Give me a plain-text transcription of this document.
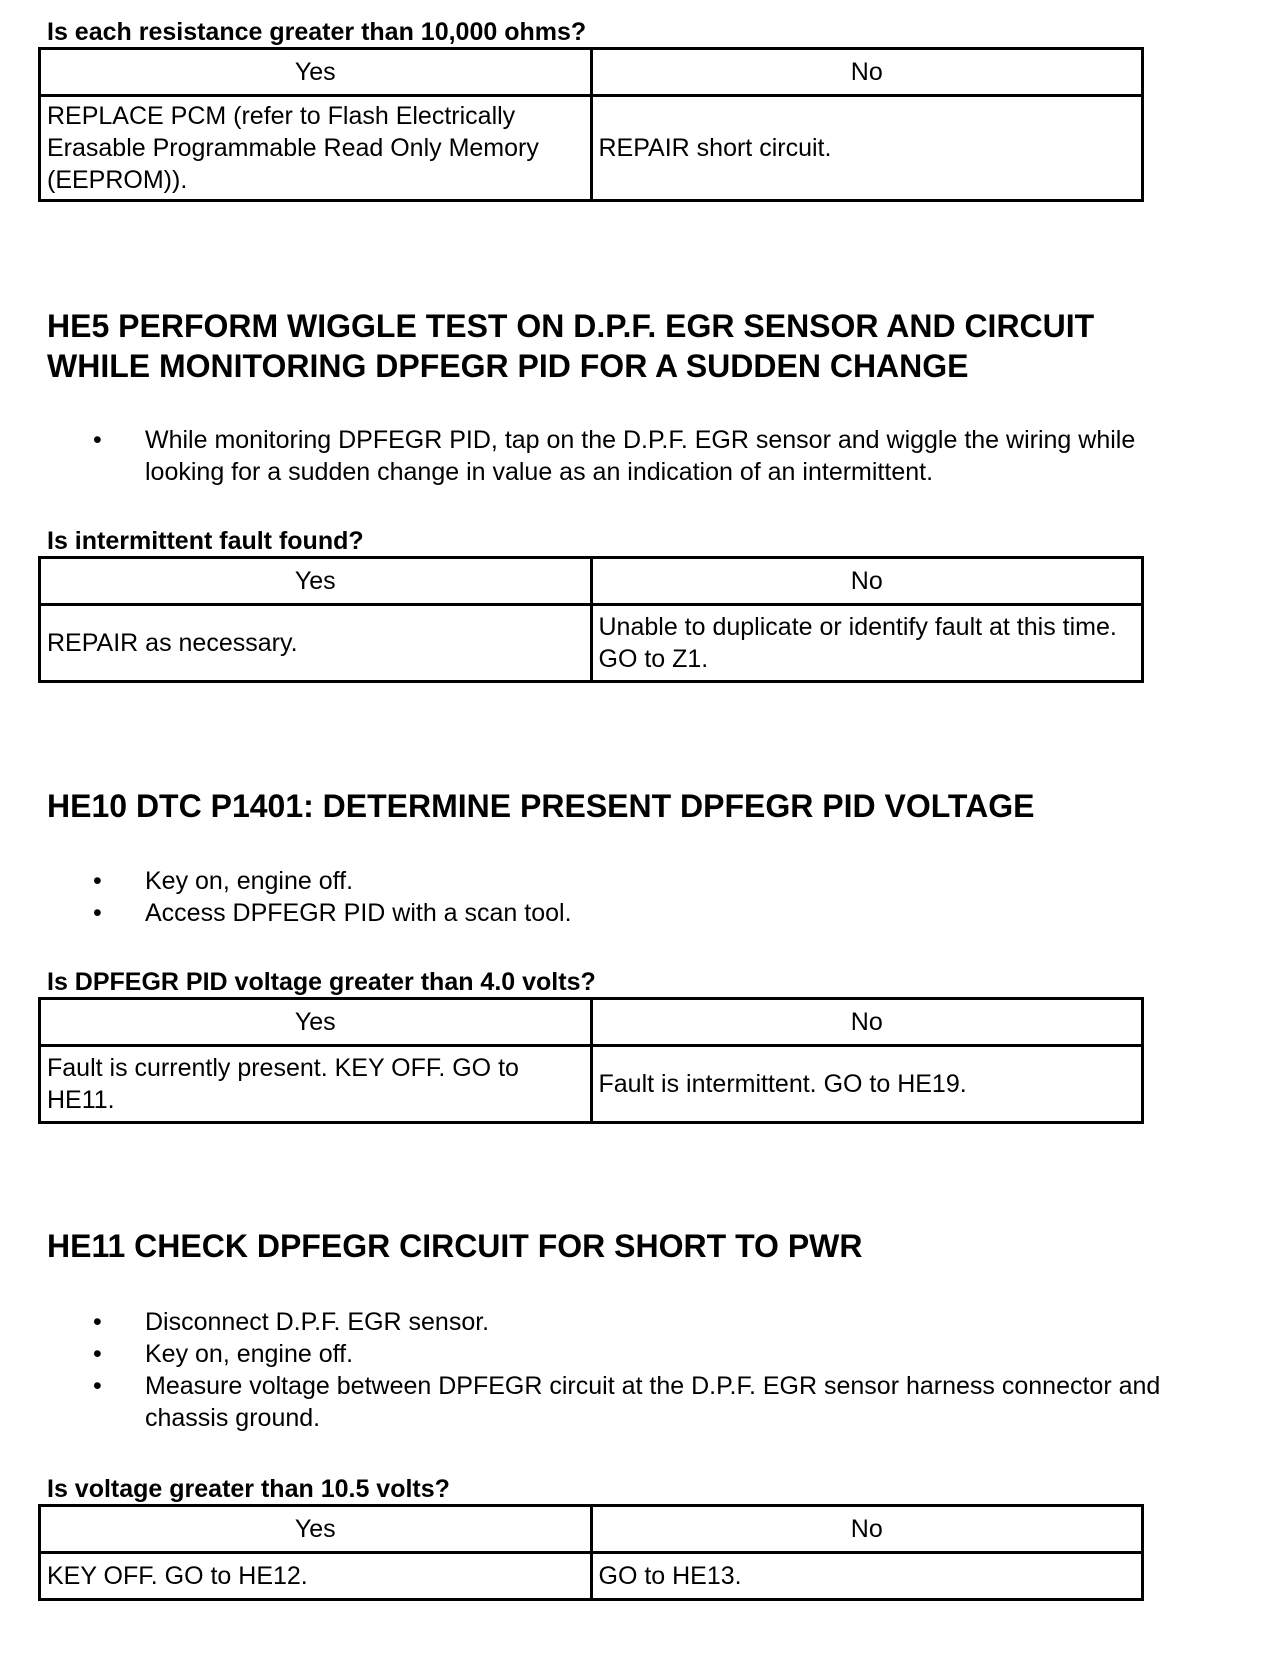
Is each resistance greater than 10,000 ohms?
Yes	No
REPLACE PCM (refer to Flash Electrically Erasable Programmable Read Only Memory (EEPROM)).	REPAIR short circuit.
HE5 PERFORM WIGGLE TEST ON D.P.F. EGR SENSOR AND CIRCUIT WHILE MONITORING DPFEGR PID FOR A SUDDEN CHANGE
• While monitoring DPFEGR PID, tap on the D.P.F. EGR sensor and wiggle the wiring while looking for a sudden change in value as an indication of an intermittent.
Is intermittent fault found?
Yes	No
REPAIR as necessary.	Unable to duplicate or identify fault at this time. GO to Z1.
HE10 DTC P1401: DETERMINE PRESENT DPFEGR PID VOLTAGE
• Key on, engine off.
• Access DPFEGR PID with a scan tool.
Is DPFEGR PID voltage greater than 4.0 volts?
Yes	No
Fault is currently present. KEY OFF. GO to HE11.	Fault is intermittent. GO to HE19.
HE11 CHECK DPFEGR CIRCUIT FOR SHORT TO PWR
• Disconnect D.P.F. EGR sensor.
• Key on, engine off.
• Measure voltage between DPFEGR circuit at the D.P.F. EGR sensor harness connector and chassis ground.
Is voltage greater than 10.5 volts?
Yes	No
KEY OFF. GO to HE12.	GO to HE13.
